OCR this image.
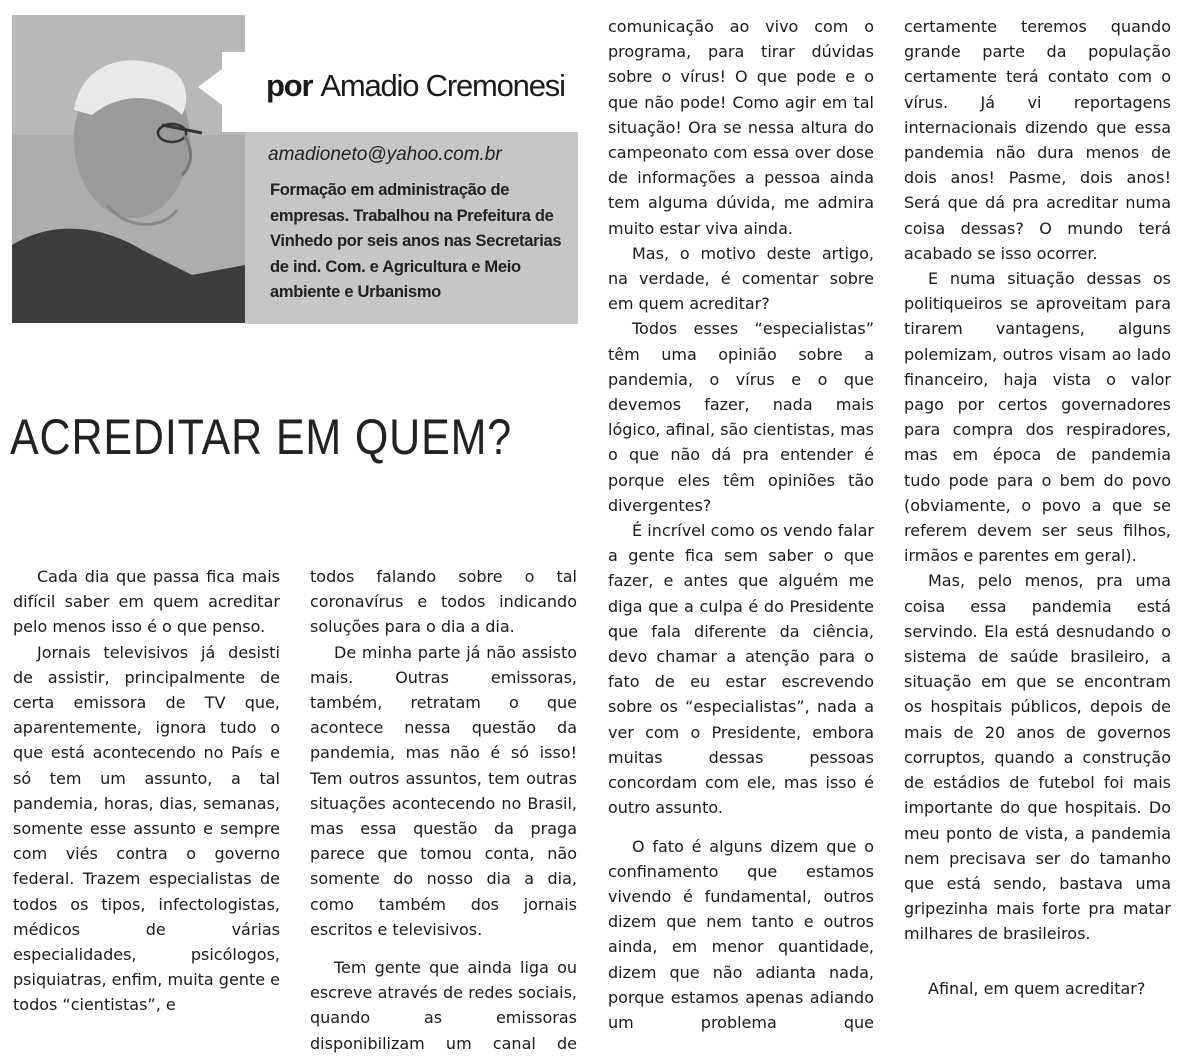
por Amadio Cremonesi
amadioneto@yahoo.com.br
Formação em administração de empresas. Trabalhou na Prefeitura de Vinhedo por seis anos nas Secretarias de ind. Com. e Agricultura e Meio ambiente e Urbanismo
ACREDITAR EM QUEM?

Cada dia que passa fica mais difícil saber em quem acreditar pelo menos isso é o que penso.

Jornais televisivos já desisti de assistir, principalmente de certa emissora de TV que, aparentemente, ignora tudo o que está acontecendo no País e só tem um assunto, a tal pandemia, horas, dias, semanas, somente esse assunto e sempre com viés contra o governo federal. Trazem especialistas de todos os tipos, infectologistas, médicos de várias especialidades, psicólogos, psiquiatras, enfim, muita gente e todos “cientistas”, e

todos falando sobre o tal coronavírus e todos indicando soluções para o dia a dia.

De minha parte já não assisto mais. Outras emissoras, também, retratam o que acontece nessa questão da pandemia, mas não é só isso! Tem outros assuntos, tem outras situações acontecendo no Brasil, mas essa questão da praga parece que tomou conta, não somente do nosso dia a dia, como também dos jornais escritos e televisivos.

Tem gente que ainda liga ou escreve através de redes sociais, quando as emissoras disponibilizam um canal de

comunicação ao vivo com o programa, para tirar dúvidas sobre o vírus! O que pode e o que não pode! Como agir em tal situação! Ora se nessa altura do campeonato com essa over dose de informações a pessoa ainda tem alguma dúvida, me admira muito estar viva ainda.

Mas, o motivo deste artigo, na verdade, é comentar sobre em quem acreditar?

Todos esses “especialistas” têm uma opinião sobre a pandemia, o vírus e o que devemos fazer, nada mais lógico, afinal, são cientistas, mas o que não dá pra entender é porque eles têm opiniões tão divergentes?

É incrível como os vendo falar a gente fica sem saber o que fazer, e antes que alguém me diga que a culpa é do Presidente que fala diferente da ciência, devo chamar a atenção para o fato de eu estar escrevendo sobre os “especialistas”, nada a ver com o Presidente, embora muitas dessas pessoas concordam com ele, mas isso é outro assunto.

O fato é alguns dizem que o confinamento que estamos vivendo é fundamental, outros dizem que nem tanto e outros ainda, em menor quantidade, dizem que não adianta nada, porque estamos apenas adiando um problema que

certamente teremos quando grande parte da população certamente terá contato com o vírus. Já vi reportagens internacionais dizendo que essa pandemia não dura menos de dois anos! Pasme, dois anos! Será que dá pra acreditar numa coisa dessas? O mundo terá acabado se isso ocorrer.

E numa situação dessas os politiqueiros se aproveitam para tirarem vantagens, alguns polemizam, outros visam ao lado financeiro, haja vista o valor pago por certos governadores para compra dos respiradores, mas em época de pandemia tudo pode para o bem do povo (obviamente, o povo a que se referem devem ser seus filhos, irmãos e parentes em geral).

Mas, pelo menos, pra uma coisa essa pandemia está servindo. Ela está desnudando o sistema de saúde brasileiro, a situação em que se encontram os hospitais públicos, depois de mais de 20 anos de governos corruptos, quando a construção de estádios de futebol foi mais importante do que hospitais. Do meu ponto de vista, a pandemia nem precisava ser do tamanho que está sendo, bastava uma gripezinha mais forte pra matar milhares de brasileiros.

Afinal, em quem acreditar?
